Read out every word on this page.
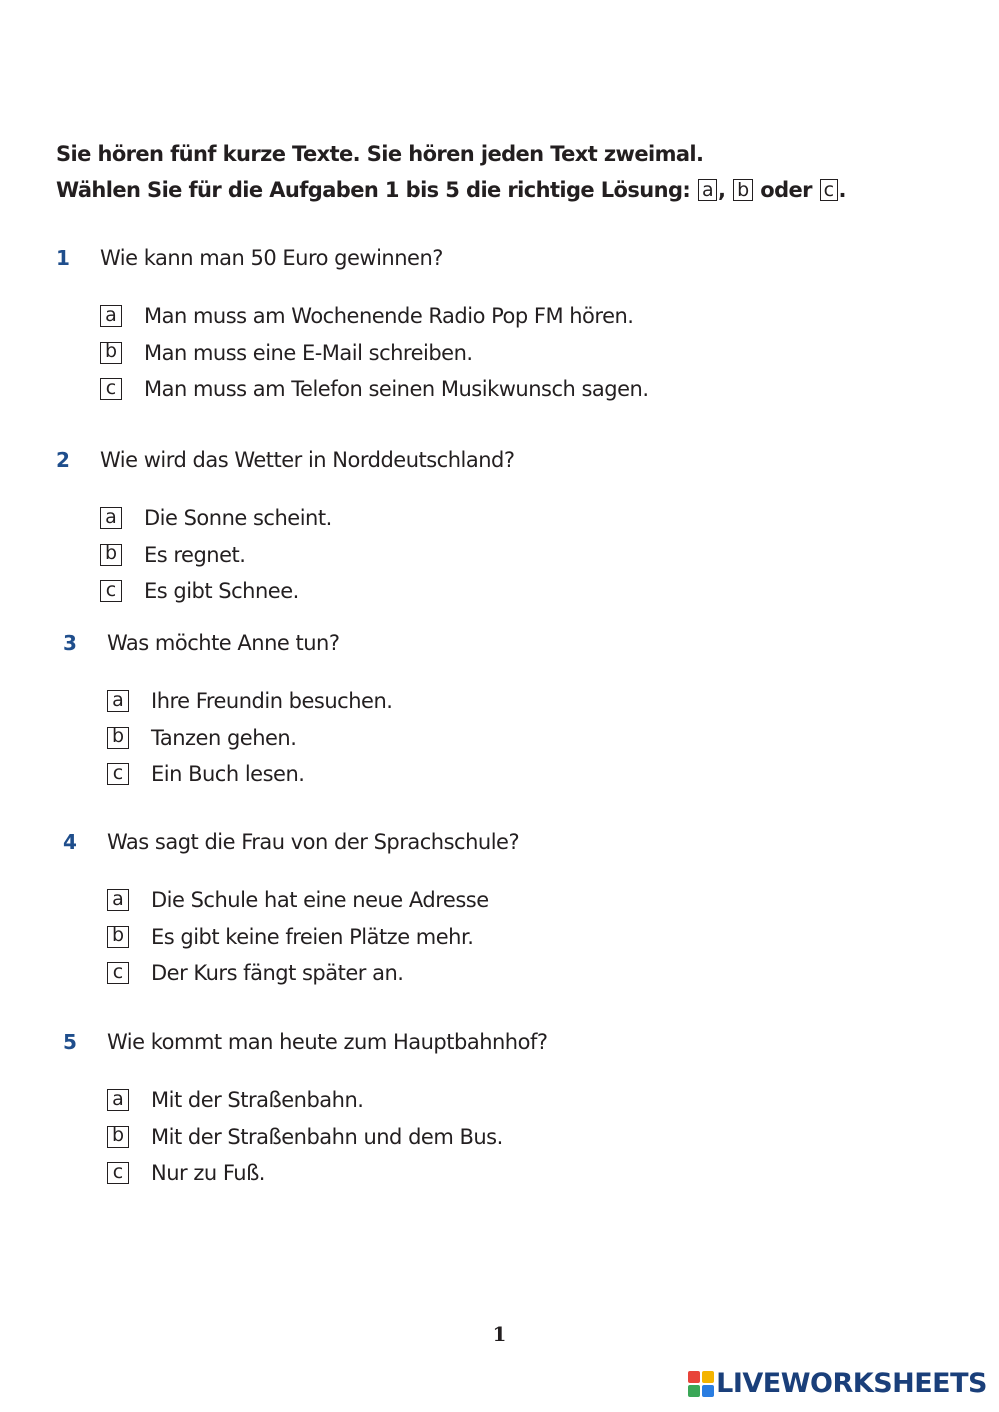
Sie hören fünf kurze Texte. Sie hören jeden Text zweimal.
Wählen Sie für die Aufgaben 1 bis 5 die richtige Lösung: a , b oder c .
1	Wie kann man 50 Euro gewinnen?
a Man muss am Wochenende Radio Pop FM hören.
b Man muss eine E-Mail schreiben.
c Man muss am Telefon seinen Musikwunsch sagen.
2	Wie wird das Wetter in Norddeutschland?
a Die Sonne scheint.
b Es regnet.
c Es gibt Schnee.
3	Was möchte Anne tun?
a Ihre Freundin besuchen.
b Tanzen gehen.
c Ein Buch lesen.
4	Was sagt die Frau von der Sprachschule?
a Die Schule hat eine neue Adresse
b Es gibt keine freien Plätze mehr.
c Der Kurs fängt später an.
5	Wie kommt man heute zum Hauptbahnhof?
a Mit der Straßenbahn.
b Mit der Straßenbahn und dem Bus.
c Nur zu Fuß.
1
LIVEWORKSHEETS
